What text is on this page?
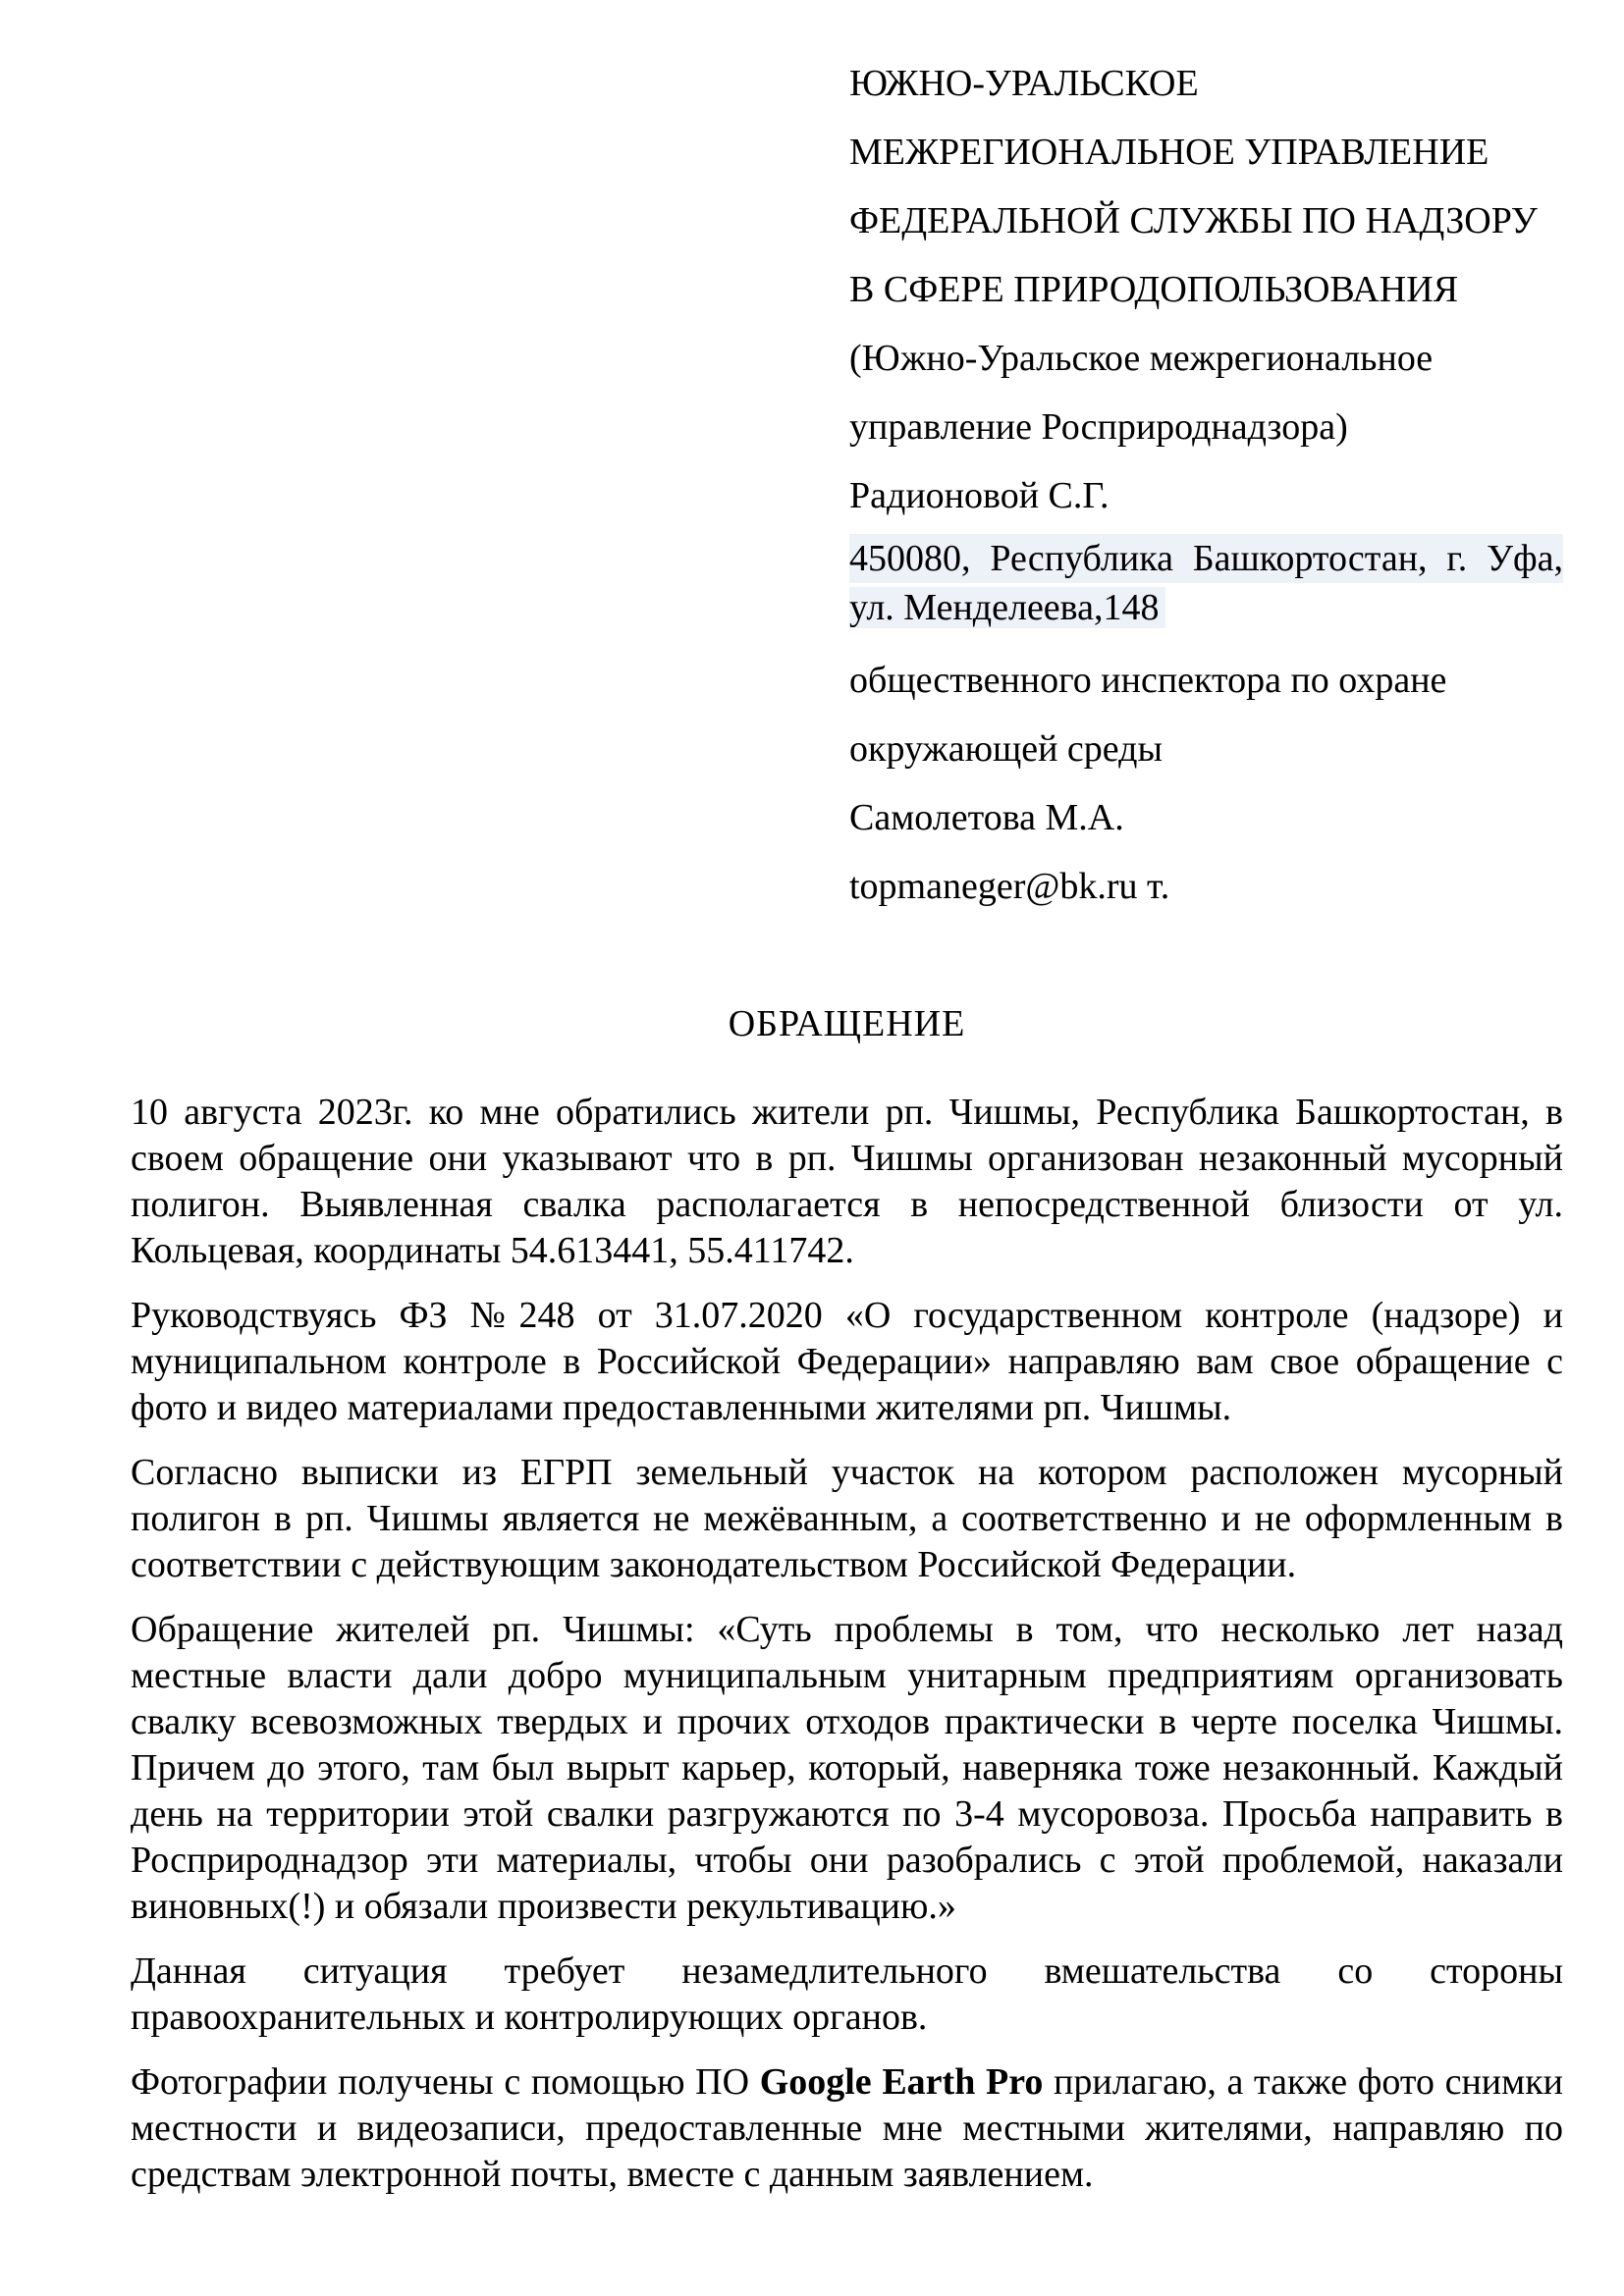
ЮЖНО-УРАЛЬСКОЕ
МЕЖРЕГИОНАЛЬНОЕ УПРАВЛЕНИЕ
ФЕДЕРАЛЬНОЙ СЛУЖБЫ ПО НАДЗОРУ
В СФЕРЕ ПРИРОДОПОЛЬЗОВАНИЯ
(Южно-Уральское межрегиональное
управление Росприроднадзора)
Радионовой С.Г.
450080, Республика Башкортостан, г. Уфа,
ул. Менделеева,148
общественного инспектора по охране
окружающей среды
Самолетова М.А.
topmaneger@bk.ru т.
ОБРАЩЕНИЕ

10 августа 2023г. ко мне обратились жители рп. Чишмы, Республика Башкортостан, в своем обращение они указывают что в рп. Чишмы организован незаконный мусорный полигон. Выявленная свалка располагается в непосредственной близости от ул. Кольцевая, координаты 54.613441, 55.411742.

Руководствуясь ФЗ №248 от 31.07.2020 «О государственном контроле (надзоре) и муниципальном контроле в Российской Федерации» направляю вам свое обращение с фото и видео материалами предоставленными жителями рп. Чишмы.

Согласно выписки из ЕГРП земельный участок на котором расположен мусорный полигон в рп. Чишмы является не межёванным, а соответственно и не оформленным в соответствии с действующим законодательством Российской Федерации.

Обращение жителей рп. Чишмы: «Суть проблемы в том, что несколько лет назад местные власти дали добро муниципальным унитарным предприятиям организовать свалку всевозможных твердых и прочих отходов практически в черте поселка Чишмы. Причем до этого, там был вырыт карьер, который, наверняка тоже незаконный. Каждый день на территории этой свалки разгружаются по 3-4 мусоровоза. Просьба направить в Росприроднадзор эти материалы, чтобы они разобрались с этой проблемой, наказали виновных(!) и обязали произвести рекультивацию.»

Данная ситуация требует незамедлительного вмешательства со стороны правоохранительных и контролирующих органов.

Фотографии получены с помощью ПО Google Earth Pro прилагаю, а также фото снимки местности и видеозаписи, предоставленные мне местными жителями, направляю по средствам электронной почты, вместе с данным заявлением.
